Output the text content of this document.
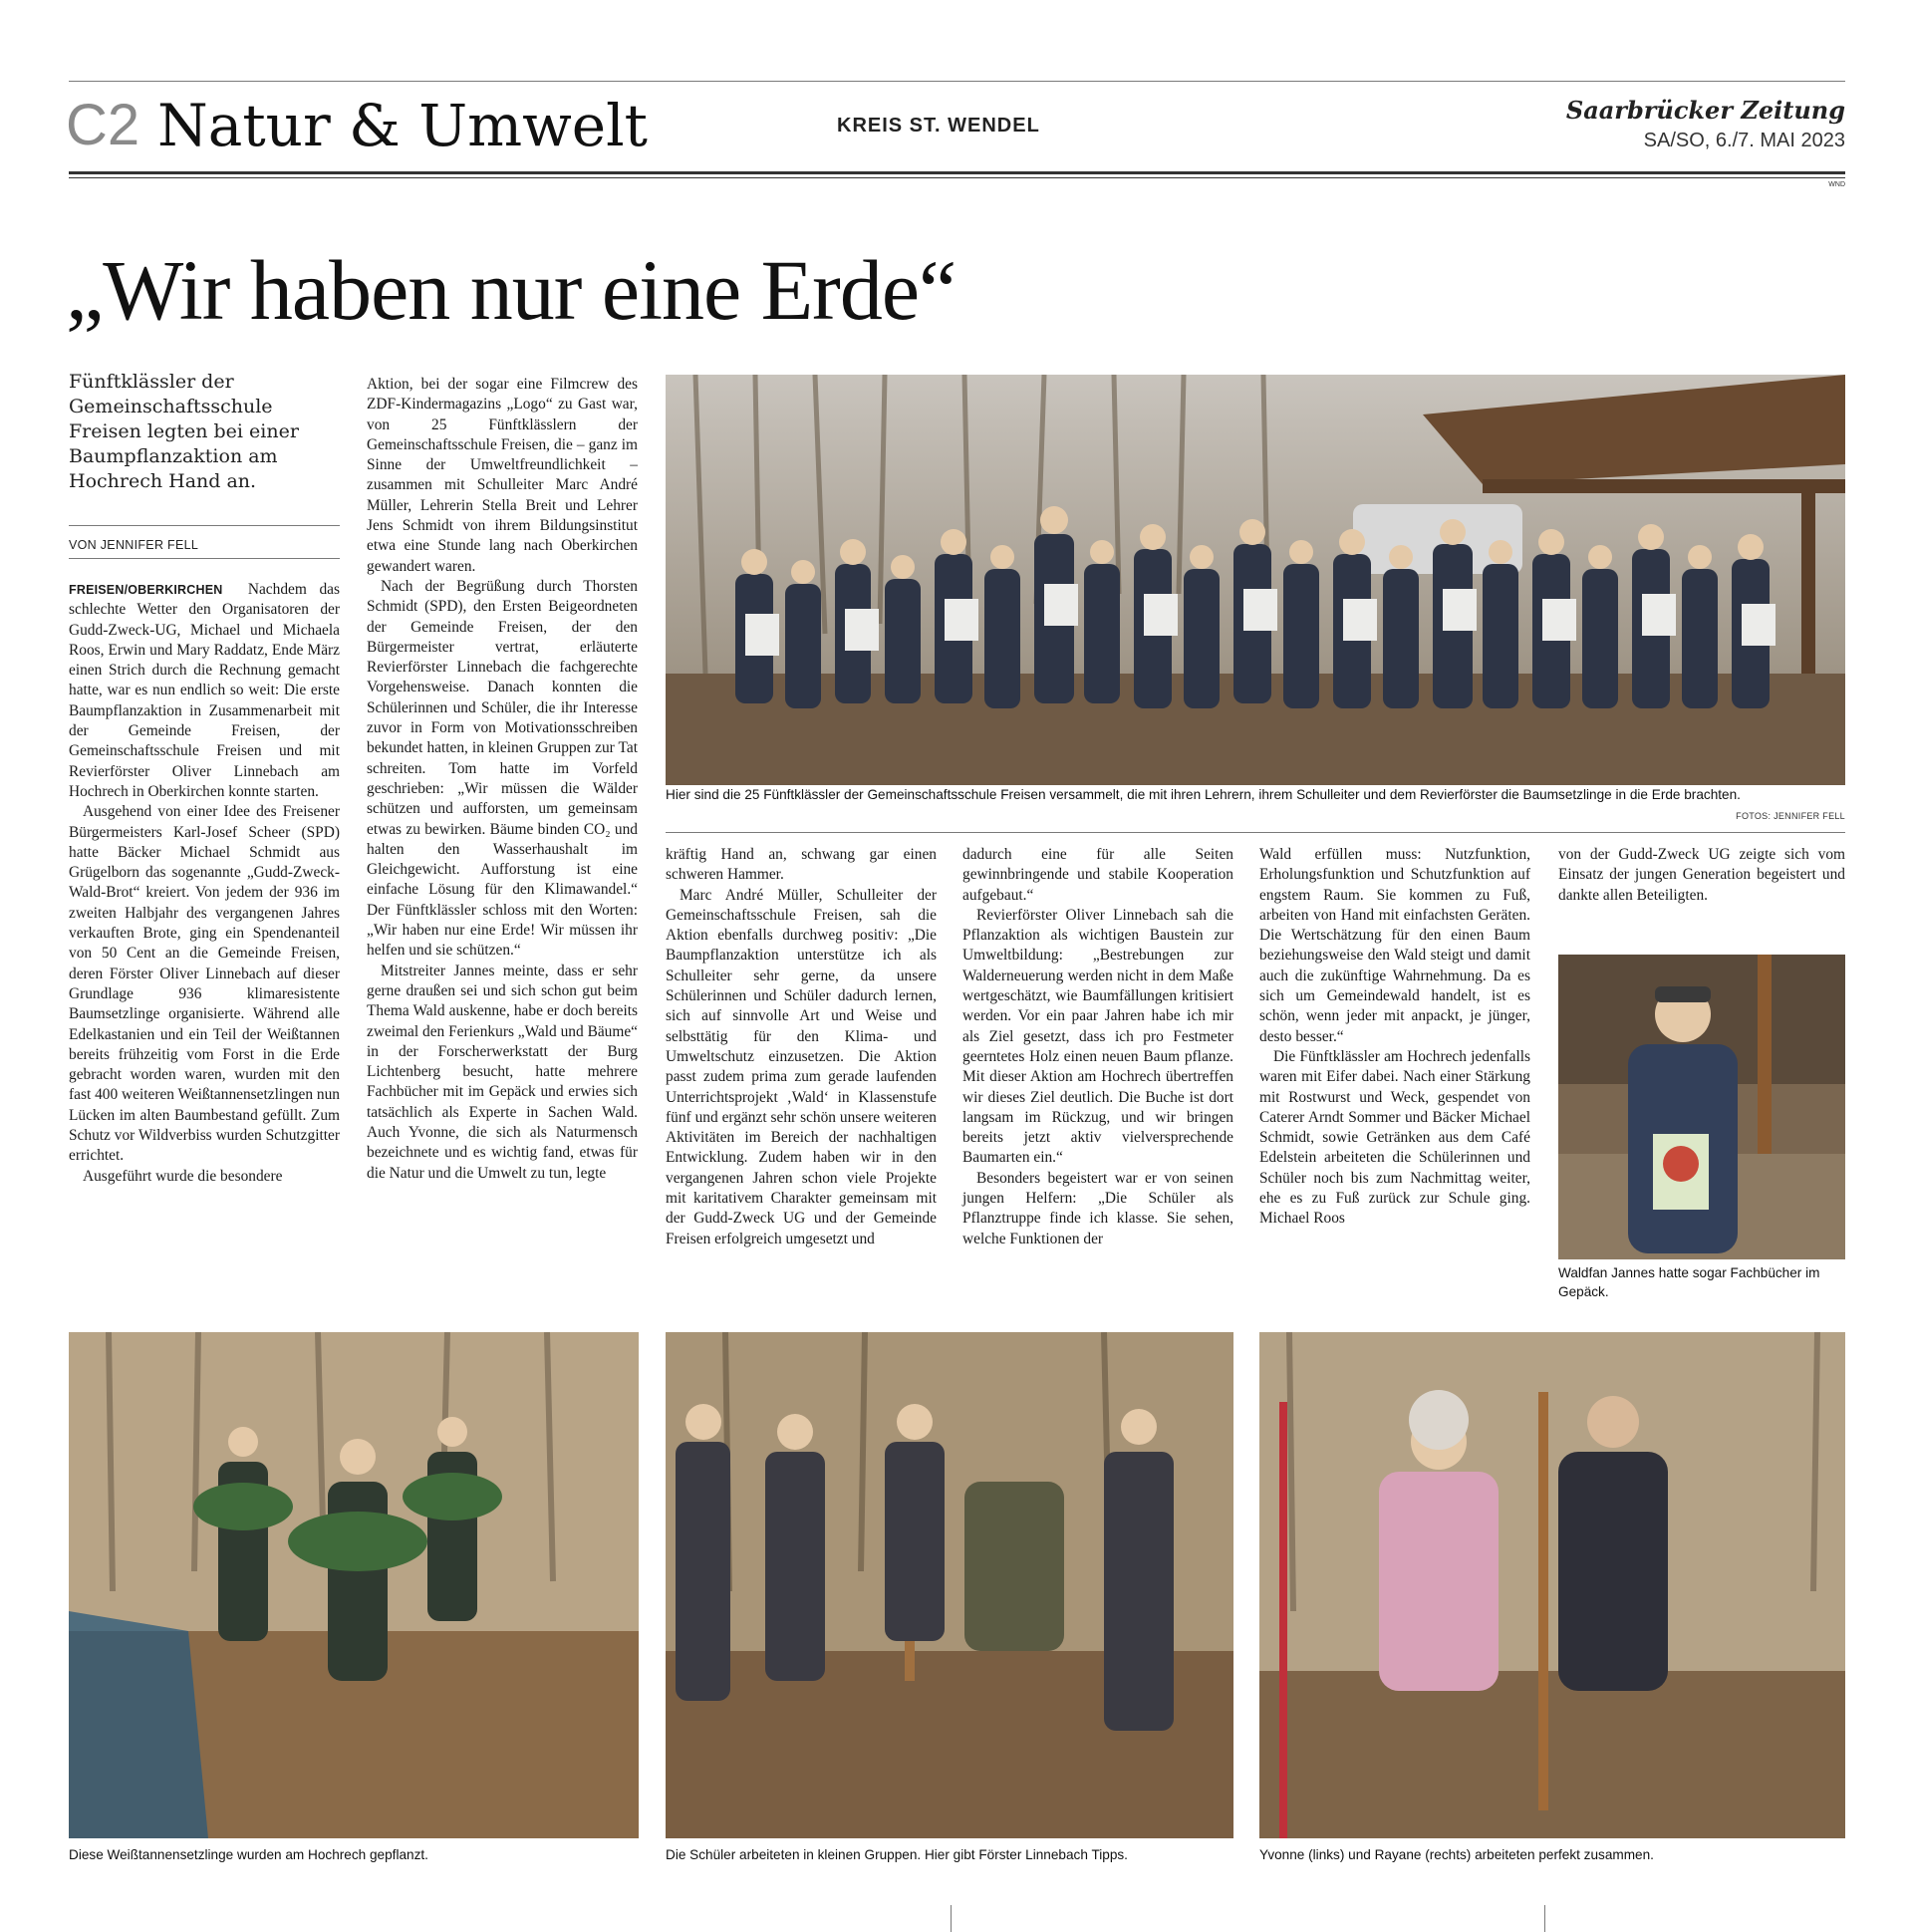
C2 Natur & Umwelt	KREIS ST. WENDEL
Saarbrücker Zeitung
SA/SO, 6./7. MAI 2023
WND
„Wir haben nur eine Erde“
Fünftklässler der Gemeinschaftsschule Freisen legten bei einer Baumpflanzaktion am Hochrech Hand an.
VON JENNIFER FELL

FREISEN/OBERKIRCHEN Nachdem das schlechte Wetter den Organisatoren der Gudd-Zweck-UG, Michael und Michaela Roos, Erwin und Mary Raddatz, Ende März einen Strich durch die Rechnung gemacht hatte, war es nun endlich so weit: Die erste Baumpflanzaktion in Zusammenarbeit mit der Gemeinde Freisen, der Gemeinschaftsschule Freisen und mit Revierförster Oliver Linnebach am Hochrech in Oberkirchen konnte starten.

Ausgehend von einer Idee des Freisener Bürgermeisters Karl-Josef Scheer (SPD) hatte Bäcker Michael Schmidt aus Grügelborn das sogenannte „Gudd-Zweck-Wald-Brot“ kreiert. Von jedem der 936 im zweiten Halbjahr des vergangenen Jahres verkauften Brote, ging ein Spendenanteil von 50 Cent an die Gemeinde Freisen, deren Förster Oliver Linnebach auf dieser Grundlage 936 klimaresistente Baumsetzlinge organisierte. Während alle Edelkastanien und ein Teil der Weißtannen bereits frühzeitig vom Forst in die Erde gebracht worden waren, wurden mit den fast 400 weiteren Weißtannensetzlingen nun Lücken im alten Baumbestand gefüllt. Zum Schutz vor Wildverbiss wurden Schutzgitter errichtet.

Ausgeführt wurde die besondere

Aktion, bei der sogar eine Filmcrew des ZDF-Kindermagazins „Logo“ zu Gast war, von 25 Fünftklässlern der Gemeinschaftsschule Freisen, die – ganz im Sinne der Umweltfreundlichkeit – zusammen mit Schulleiter Marc André Müller, Lehrerin Stella Breit und Lehrer Jens Schmidt von ihrem Bildungsinstitut etwa eine Stunde lang nach Oberkirchen gewandert waren.

Nach der Begrüßung durch Thorsten Schmidt (SPD), den Ersten Beigeordneten der Gemeinde Freisen, der den Bürgermeister vertrat, erläuterte Revierförster Linnebach die fachgerechte Vorgehensweise. Danach konnten die Schülerinnen und Schüler, die ihr Interesse zuvor in Form von Motivationsschreiben bekundet hatten, in kleinen Gruppen zur Tat schreiten. Tom hatte im Vorfeld geschrieben: „Wir müssen die Wälder schützen und aufforsten, um gemeinsam etwas zu bewirken. Bäume binden CO₂ und halten den Wasserhaushalt im Gleichgewicht. Aufforstung ist eine einfache Lösung für den Klimawandel.“ Der Fünftklässler schloss mit den Worten: „Wir haben nur eine Erde! Wir müssen ihr helfen und sie schützen.“

Mitstreiter Jannes meinte, dass er sehr gerne draußen sei und sich schon gut beim Thema Wald auskenne, habe er doch bereits zweimal den Ferienkurs „Wald und Bäume“ in der Forscherwerkstatt der Burg Lichtenberg besucht, hatte mehrere Fachbücher mit im Gepäck und erwies sich tatsächlich als Experte in Sachen Wald. Auch Yvonne, die sich als Naturmensch bezeichnete und es wichtig fand, etwas für die Natur und die Umwelt zu tun, legte

Hier sind die 25 Fünftklässler der Gemeinschaftsschule Freisen versammelt, die mit ihren Lehrern, ihrem Schulleiter und dem Revierförster die Baumsetzlinge in die Erde brachten.
FOTOS: JENNIFER FELL

kräftig Hand an, schwang gar einen schweren Hammer.

Marc André Müller, Schulleiter der Gemeinschaftsschule Freisen, sah die Aktion ebenfalls durchweg positiv: „Die Baumpflanzaktion unterstütze ich als Schulleiter sehr gerne, da unsere Schülerinnen und Schüler dadurch lernen, sich auf sinnvolle Art und Weise und selbsttätig für den Klima- und Umweltschutz einzusetzen. Die Aktion passt zudem prima zum gerade laufenden Unterrichtsprojekt ‚Wald‘ in Klassenstufe fünf und ergänzt sehr schön unsere weiteren Aktivitäten im Bereich der nachhaltigen Entwicklung. Zudem haben wir in den vergangenen Jahren schon viele Projekte mit karitativem Charakter gemeinsam mit der Gudd-Zweck UG und der Gemeinde Freisen erfolgreich umgesetzt und

dadurch eine für alle Seiten gewinnbringende und stabile Kooperation aufgebaut.“

Revierförster Oliver Linnebach sah die Pflanzaktion als wichtigen Baustein zur Umweltbildung: „Bestrebungen zur Walderneuerung werden nicht in dem Maße wertgeschätzt, wie Baumfällungen kritisiert werden. Vor ein paar Jahren habe ich mir als Ziel gesetzt, dass ich pro Festmeter geerntetes Holz einen neuen Baum pflanze. Mit dieser Aktion am Hochrech übertreffen wir dieses Ziel deutlich. Die Buche ist dort langsam im Rückzug, und wir bringen bereits jetzt aktiv vielversprechende Baumarten ein.“

Besonders begeistert war er von seinen jungen Helfern: „Die Schüler als Pflanztruppe finde ich klasse. Sie sehen, welche Funktionen der

Wald erfüllen muss: Nutzfunktion, Erholungsfunktion und Schutzfunktion auf engstem Raum. Sie kommen zu Fuß, arbeiten von Hand mit einfachsten Geräten. Die Wertschätzung für den einen Baum beziehungsweise den Wald steigt und damit auch die zukünftige Wahrnehmung. Da es sich um Gemeindewald handelt, ist es schön, wenn jeder mit anpackt, je jünger, desto besser.“

Die Fünftklässler am Hochrech jedenfalls waren mit Eifer dabei. Nach einer Stärkung mit Rostwurst und Weck, gespendet von Caterer Arndt Sommer und Bäcker Michael Schmidt, sowie Getränken aus dem Café Edelstein arbeiteten die Schülerinnen und Schüler noch bis zum Nachmittag weiter, ehe es zu Fuß zurück zur Schule ging. Michael Roos

von der Gudd-Zweck UG zeigte sich vom Einsatz der jungen Generation begeistert und dankte allen Beteiligten.

Waldfan Jannes hatte sogar Fachbücher im Gepäck.
Diese Weißtannensetzlinge wurden am Hochrech gepflanzt.	Die Schüler arbeiteten in kleinen Gruppen. Hier gibt Förster Linnebach Tipps.	Yvonne (links) und Rayane (rechts) arbeiteten perfekt zusammen.
